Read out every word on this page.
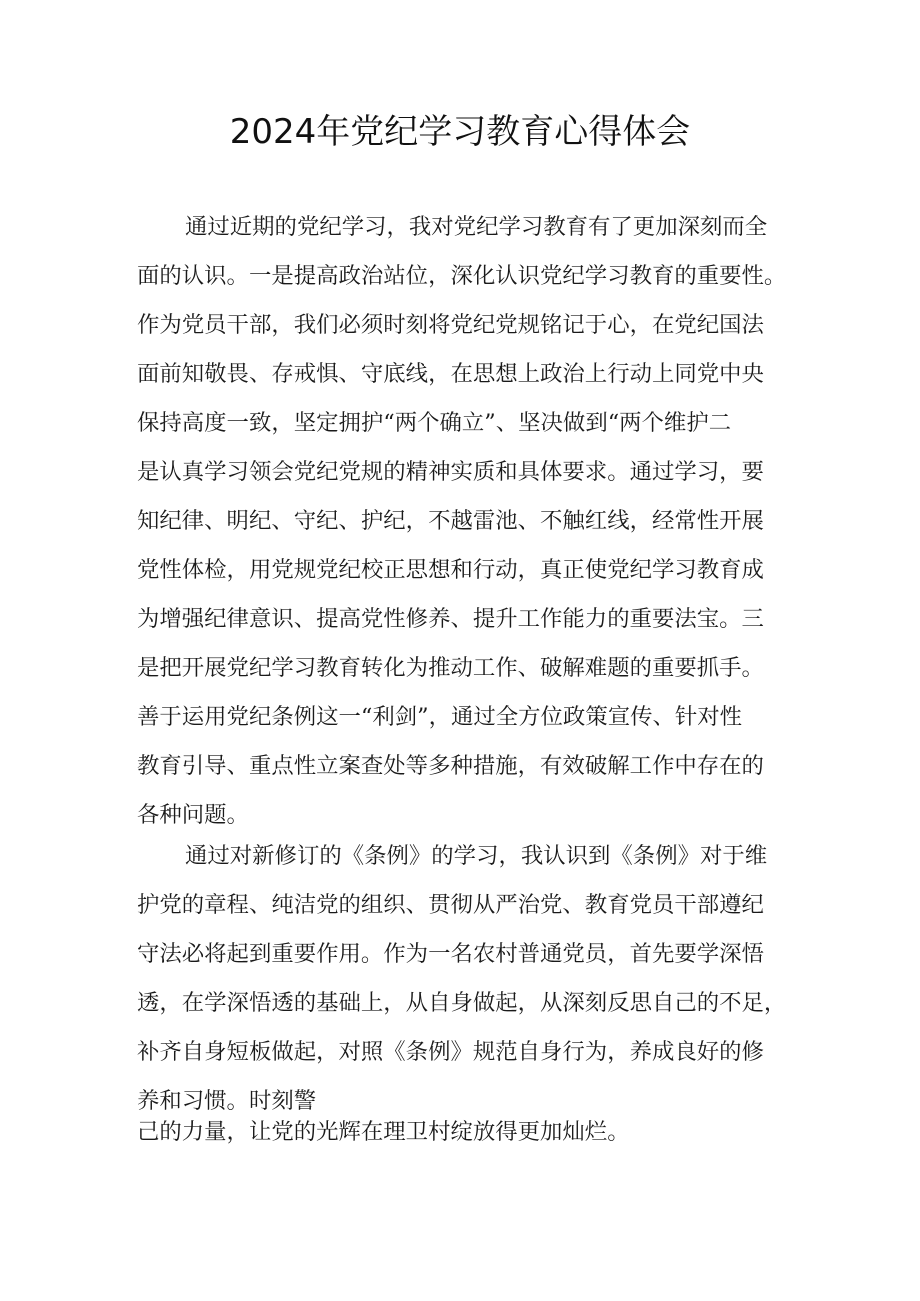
2024年党纪学习教育心得体会
通过近期的党纪学习，我对党纪学习教育有了更加深刻而全
面的认识。一是提高政治站位，深化认识党纪学习教育的重要性。
作为党员干部，我们必须时刻将党纪党规铭记于心，在党纪国法
面前知敬畏、存戒惧、守底线，在思想上政治上行动上同党中央
保持高度一致，坚定拥护“两个确立”、坚决做到“两个维护二
是认真学习领会党纪党规的精神实质和具体要求。通过学习，要
知纪律、明纪、守纪、护纪，不越雷池、不触红线，经常性开展
党性体检，用党规党纪校正思想和行动，真正使党纪学习教育成
为增强纪律意识、提高党性修养、提升工作能力的重要法宝。三
是把开展党纪学习教育转化为推动工作、破解难题的重要抓手。
善于运用党纪条例这一“利剑”，通过全方位政策宣传、针对性
教育引导、重点性立案查处等多种措施，有效破解工作中存在的
各种问题。
通过对新修订的《条例》的学习，我认识到《条例》对于维
护党的章程、纯洁党的组织、贯彻从严治党、教育党员干部遵纪
守法必将起到重要作用。作为一名农村普通党员，首先要学深悟
透，在学深悟透的基础上，从自身做起，从深刻反思自己的不足，
补齐自身短板做起，对照《条例》规范自身行为，养成良好的修
养和习惯。时刻警
己的力量，让党的光辉在理卫村绽放得更加灿烂。
